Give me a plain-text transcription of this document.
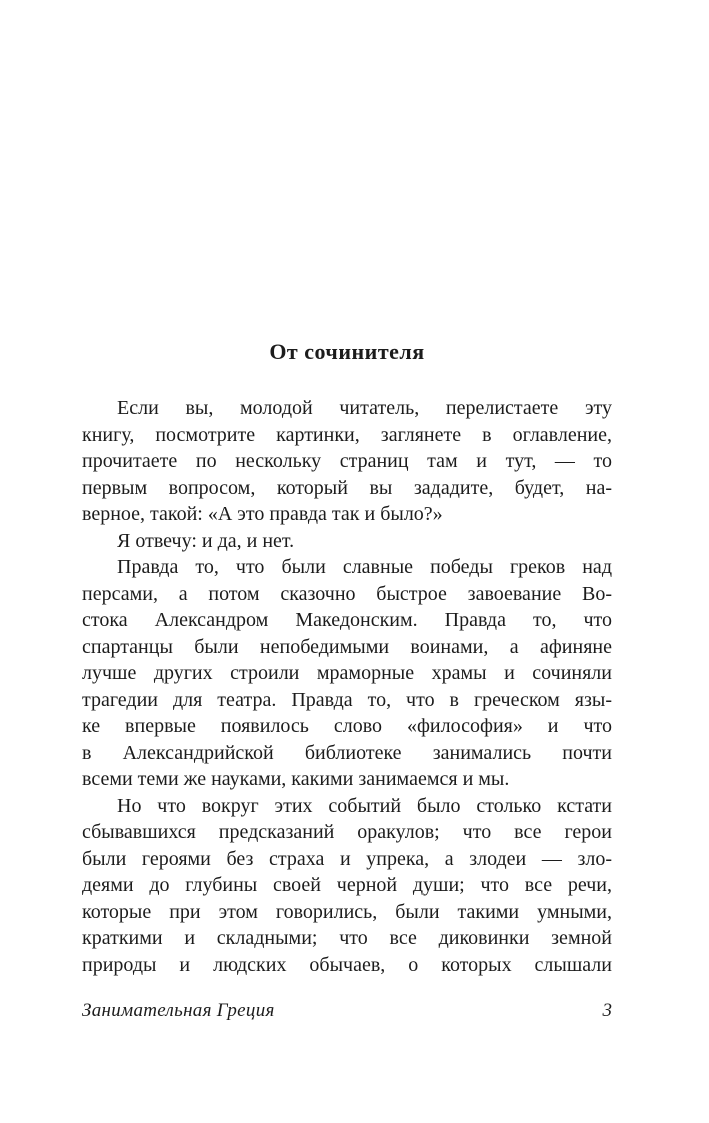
От сочинителя
Если вы, молодой читатель, перелистаете эту
книгу, посмотрите картинки, заглянете в оглавление,
прочитаете по нескольку страниц там и тут, — то
первым вопросом, который вы зададите, будет, на-
верное, такой: «А это правда так и было?»
Я отвечу: и да, и нет.
Правда то, что были славные победы греков над
персами, а потом сказочно быстрое завоевание Во-
стока Александром Македонским. Правда то, что
спартанцы были непобедимыми воинами, а афиняне
лучше других строили мраморные храмы и сочиняли
трагедии для театра. Правда то, что в греческом язы-
ке впервые появилось слово «философия» и что
в Александрийской библиотеке занимались почти
всеми теми же науками, какими занимаемся и мы.
Но что вокруг этих событий было столько кстати
сбывавшихся предсказаний оракулов; что все герои
были героями без страха и упрека, а злодеи — зло-
деями до глубины своей черной души; что все речи,
которые при этом говорились, были такими умными,
краткими и складными; что все диковинки земной
природы и людских обычаев, о которых слышали
Занимательная Греция	3
